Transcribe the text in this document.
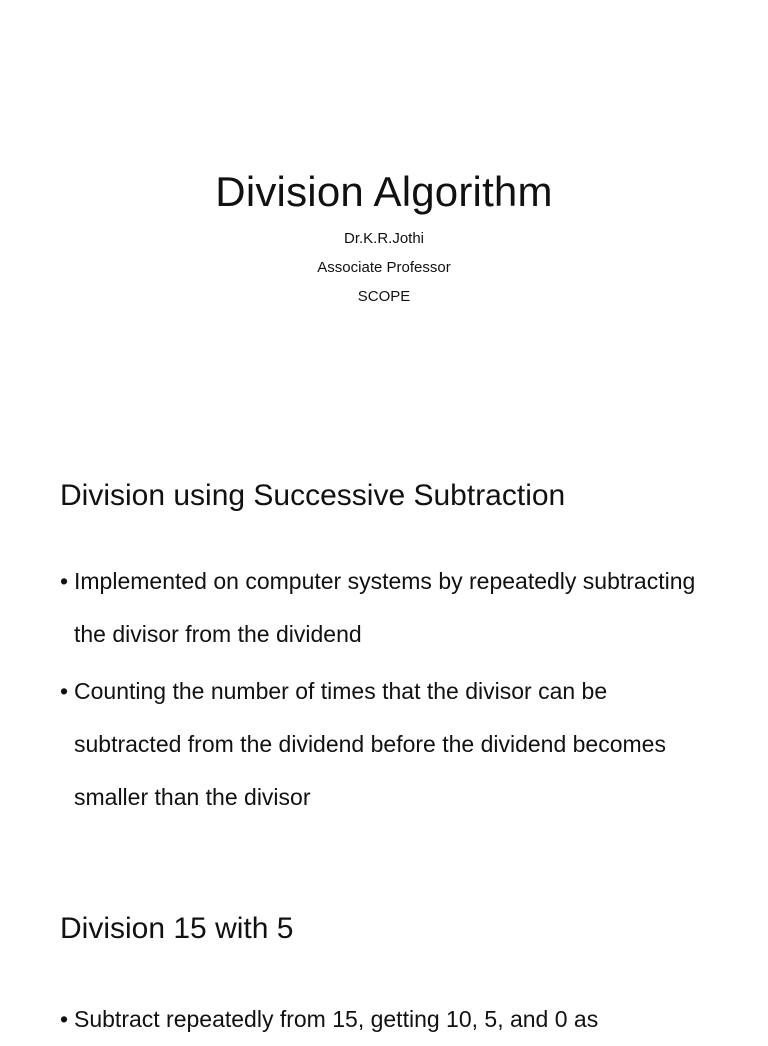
Division Algorithm
Dr.K.R.Jothi
Associate Professor
SCOPE
Division using Successive Subtraction
• Implemented on computer systems by repeatedly subtracting the divisor from the dividend
• Counting the number of times that the divisor can be subtracted from the dividend before the dividend becomes smaller than the divisor
Division 15 with 5
• Subtract repeatedly from 15, getting 10, 5, and 0 as
